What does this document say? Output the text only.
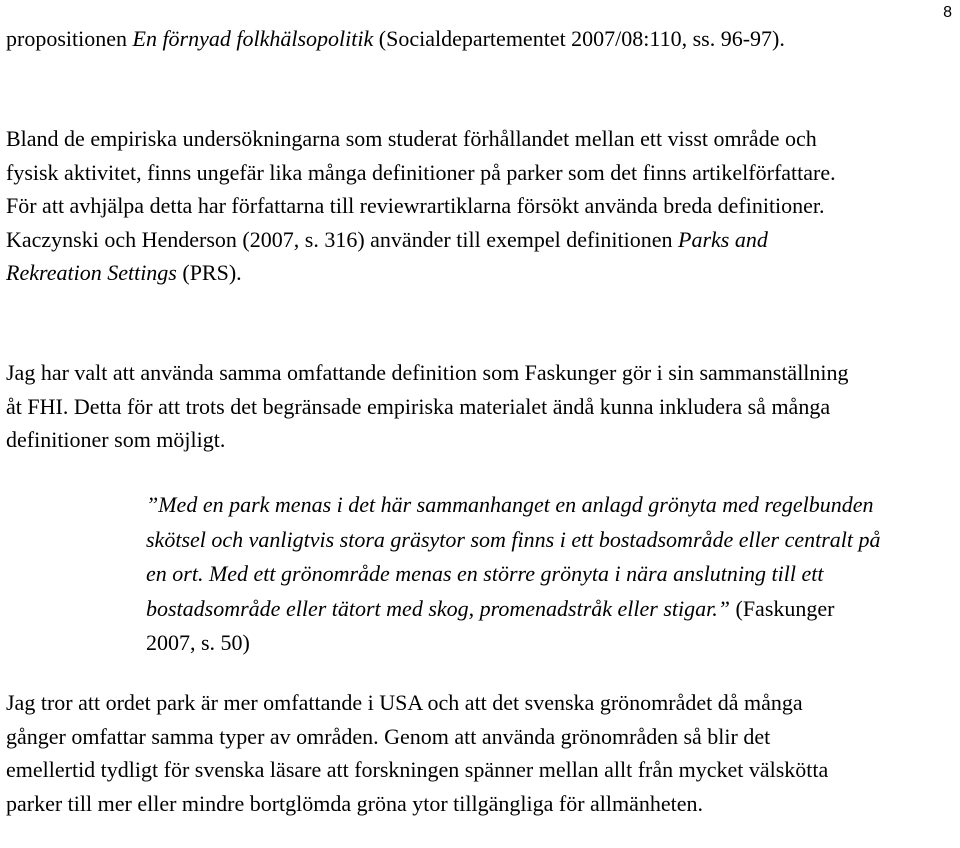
8

propositionen En förnyad folkhälsopolitik (Socialdepartementet 2007/08:110, ss. 96-97).

Bland de empiriska undersökningarna som studerat förhållandet mellan ett visst område och fysisk aktivitet, finns ungefär lika många definitioner på parker som det finns artikelförfattare. För att avhjälpa detta har författarna till reviewrartiklarna försökt använda breda definitioner. Kaczynski och Henderson (2007, s. 316) använder till exempel definitionen Parks and Rekreation Settings (PRS).

Jag har valt att använda samma omfattande definition som Faskunger gör i sin sammanställning åt FHI. Detta för att trots det begränsade empiriska materialet ändå kunna inkludera så många definitioner som möjligt.

”Med en park menas i det här sammanhanget en anlagd grönyta med regelbunden skötsel och vanligtvis stora gräsytor som finns i ett bostadsområde eller centralt på en ort. Med ett grönområde menas en större grönyta i nära anslutning till ett bostadsområde eller tätort med skog, promenadstråk eller stigar.” (Faskunger 2007, s. 50)

Jag tror att ordet park är mer omfattande i USA och att det svenska grönområdet då många gånger omfattar samma typer av områden. Genom att använda grönområden så blir det emellertid tydligt för svenska läsare att forskningen spänner mellan allt från mycket välskötta parker till mer eller mindre bortglömda gröna ytor tillgängliga för allmänheten.
